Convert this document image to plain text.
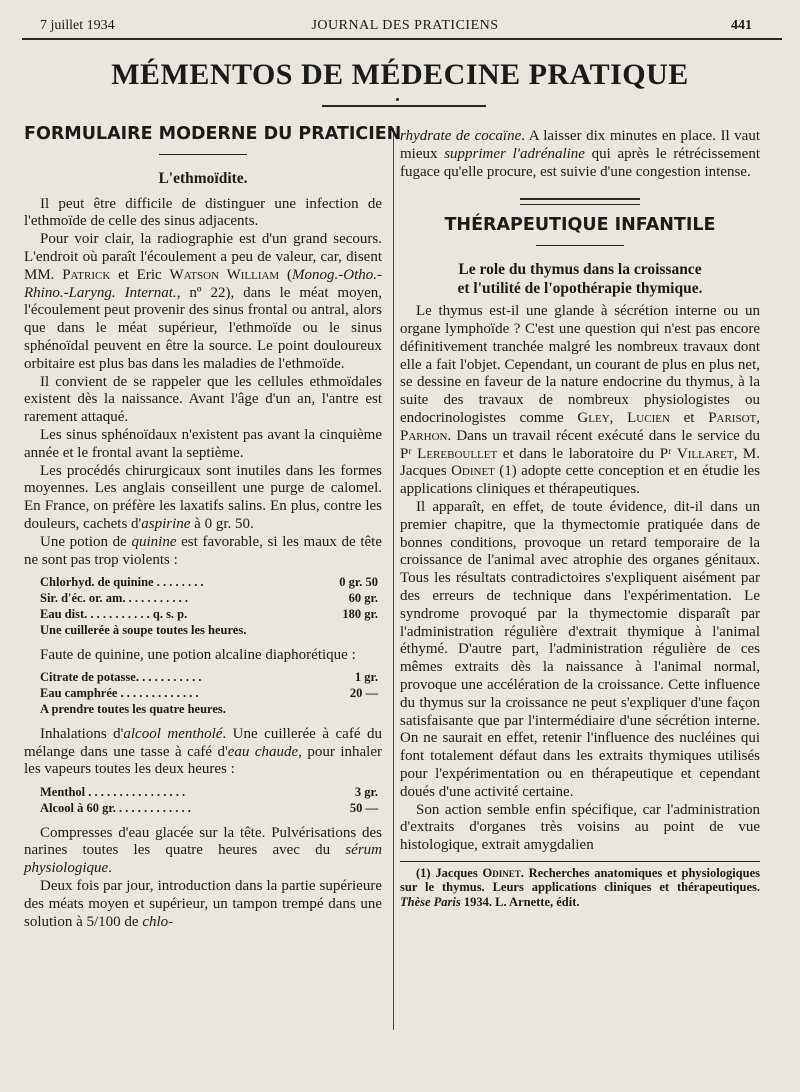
7 juillet 1934	JOURNAL DES PRATICIENS	441
MÉMENTOS DE MÉDECINE PRATIQUE
FORMULAIRE MODERNE DU PRATICIEN
L'ethmoïdite.

Il peut être difficile de distinguer une infection de l'ethmoïde de celle des sinus adjacents.

Pour voir clair, la radiographie est d'un grand secours. L'endroit où paraît l'écoulement a peu de valeur, car, disent MM. Patrick et Eric Watson William (Monog.-Otho.-Rhino.-Laryng. Internat., nº 22), dans le méat moyen, l'écoulement peut provenir des sinus frontal ou antral, alors que dans le méat supérieur, l'ethmoïde ou le sinus sphénoïdal peuvent en être la source. Le point douloureux orbitaire est plus bas dans les maladies de l'ethmoïde.

Il convient de se rappeler que les cellules ethmoïdales existent dès la naissance. Avant l'âge d'un an, l'antre est rarement attaqué.

Les sinus sphénoïdaux n'existent pas avant la cinquième année et le frontal avant la septième.

Les procédés chirurgicaux sont inutiles dans les formes moyennes. Les anglais conseillent une purge de calomel. En France, on préfère les laxatifs salins. En plus, contre les douleurs, cachets d'aspirine à 0 gr. 50.

Une potion de quinine est favorable, si les maux de tête ne sont pas trop violents :

Chlorhyd. de quinine . . . . . . . .	0 gr. 50
Sir. d'éc. or. am. . . . . . . . . . .	60 gr.
Eau dist. . . . . . . . . . . q. s. p.	180 gr.
Une cuillerée à soupe toutes les heures.

Faute de quinine, une potion alcaline diaphorétique :

Citrate de potasse. . . . . . . . . . .	1 gr.
Eau camphrée . . . . . . . . . . . . .	20 —
A prendre toutes les quatre heures.

Inhalations d'alcool mentholé. Une cuillerée à café du mélange dans une tasse à café d'eau chaude, pour inhaler les vapeurs toutes les deux heures :

Menthol . . . . . . . . . . . . . . . .	3 gr.
Alcool à 60 gr. . . . . . . . . . . . .	50 —

Compresses d'eau glacée sur la tête. Pulvérisations des narines toutes les quatre heures avec du sérum physiologique.

Deux fois par jour, introduction dans la partie supérieure des méats moyen et supérieur, un tampon trempé dans une solution à 5/100 de chlo-

rhydrate de cocaïne. A laisser dix minutes en place. Il vaut mieux supprimer l'adrénaline qui après le rétrécissement fugace qu'elle procure, est suivie d'une congestion intense.

THÉRAPEUTIQUE INFANTILE
Le role du thymus dans la croissance
et l'utilité de l'opothérapie thymique.

Le thymus est-il une glande à sécrétion interne ou un organe lymphoïde ? C'est une question qui n'est pas encore définitivement tranchée malgré les nombreux travaux dont elle a fait l'objet. Cependant, un courant de plus en plus net, se dessine en faveur de la nature endocrine du thymus, à la suite des travaux de nombreux physiologistes ou endocrinologistes comme Gley, Lucien et Parisot, Parhon. Dans un travail récent exécuté dans le service du Pʳ Lereboullet et dans le laboratoire du Pʳ Villaret, M. Jacques Odinet (1) adopte cette conception et en étudie les applications cliniques et thérapeutiques.

Il apparaît, en effet, de toute évidence, dit-il dans un premier chapitre, que la thymectomie pratiquée dans de bonnes conditions, provoque un retard temporaire de la croissance de l'animal avec atrophie des organes génitaux. Tous les résultats contradictoires s'expliquent aisément par des erreurs de technique dans l'expérimentation. Le syndrome provoqué par la thymectomie disparaît par l'administration régulière d'extrait thymique à l'animal éthymé. D'autre part, l'administration régulière de ces mêmes extraits dès la naissance à l'animal normal, provoque une accélération de la croissance. Cette influence du thymus sur la croissance ne peut s'expliquer d'une façon satisfaisante que par l'intermédiaire d'une sécrétion interne. On ne saurait en effet, retenir l'influence des nucléines qui font totalement défaut dans les extraits thymiques utilisés pour l'expérimentation ou en thérapeutique et cependant doués d'une activité certaine.

Son action semble enfin spécifique, car l'administration d'extraits d'organes très voisins au point de vue histologique, extrait amygdalien

(1) Jacques Odinet. Recherches anatomiques et physiologiques sur le thymus. Leurs applications cliniques et thérapeutiques. Thèse Paris 1934. L. Arnette, édit.
